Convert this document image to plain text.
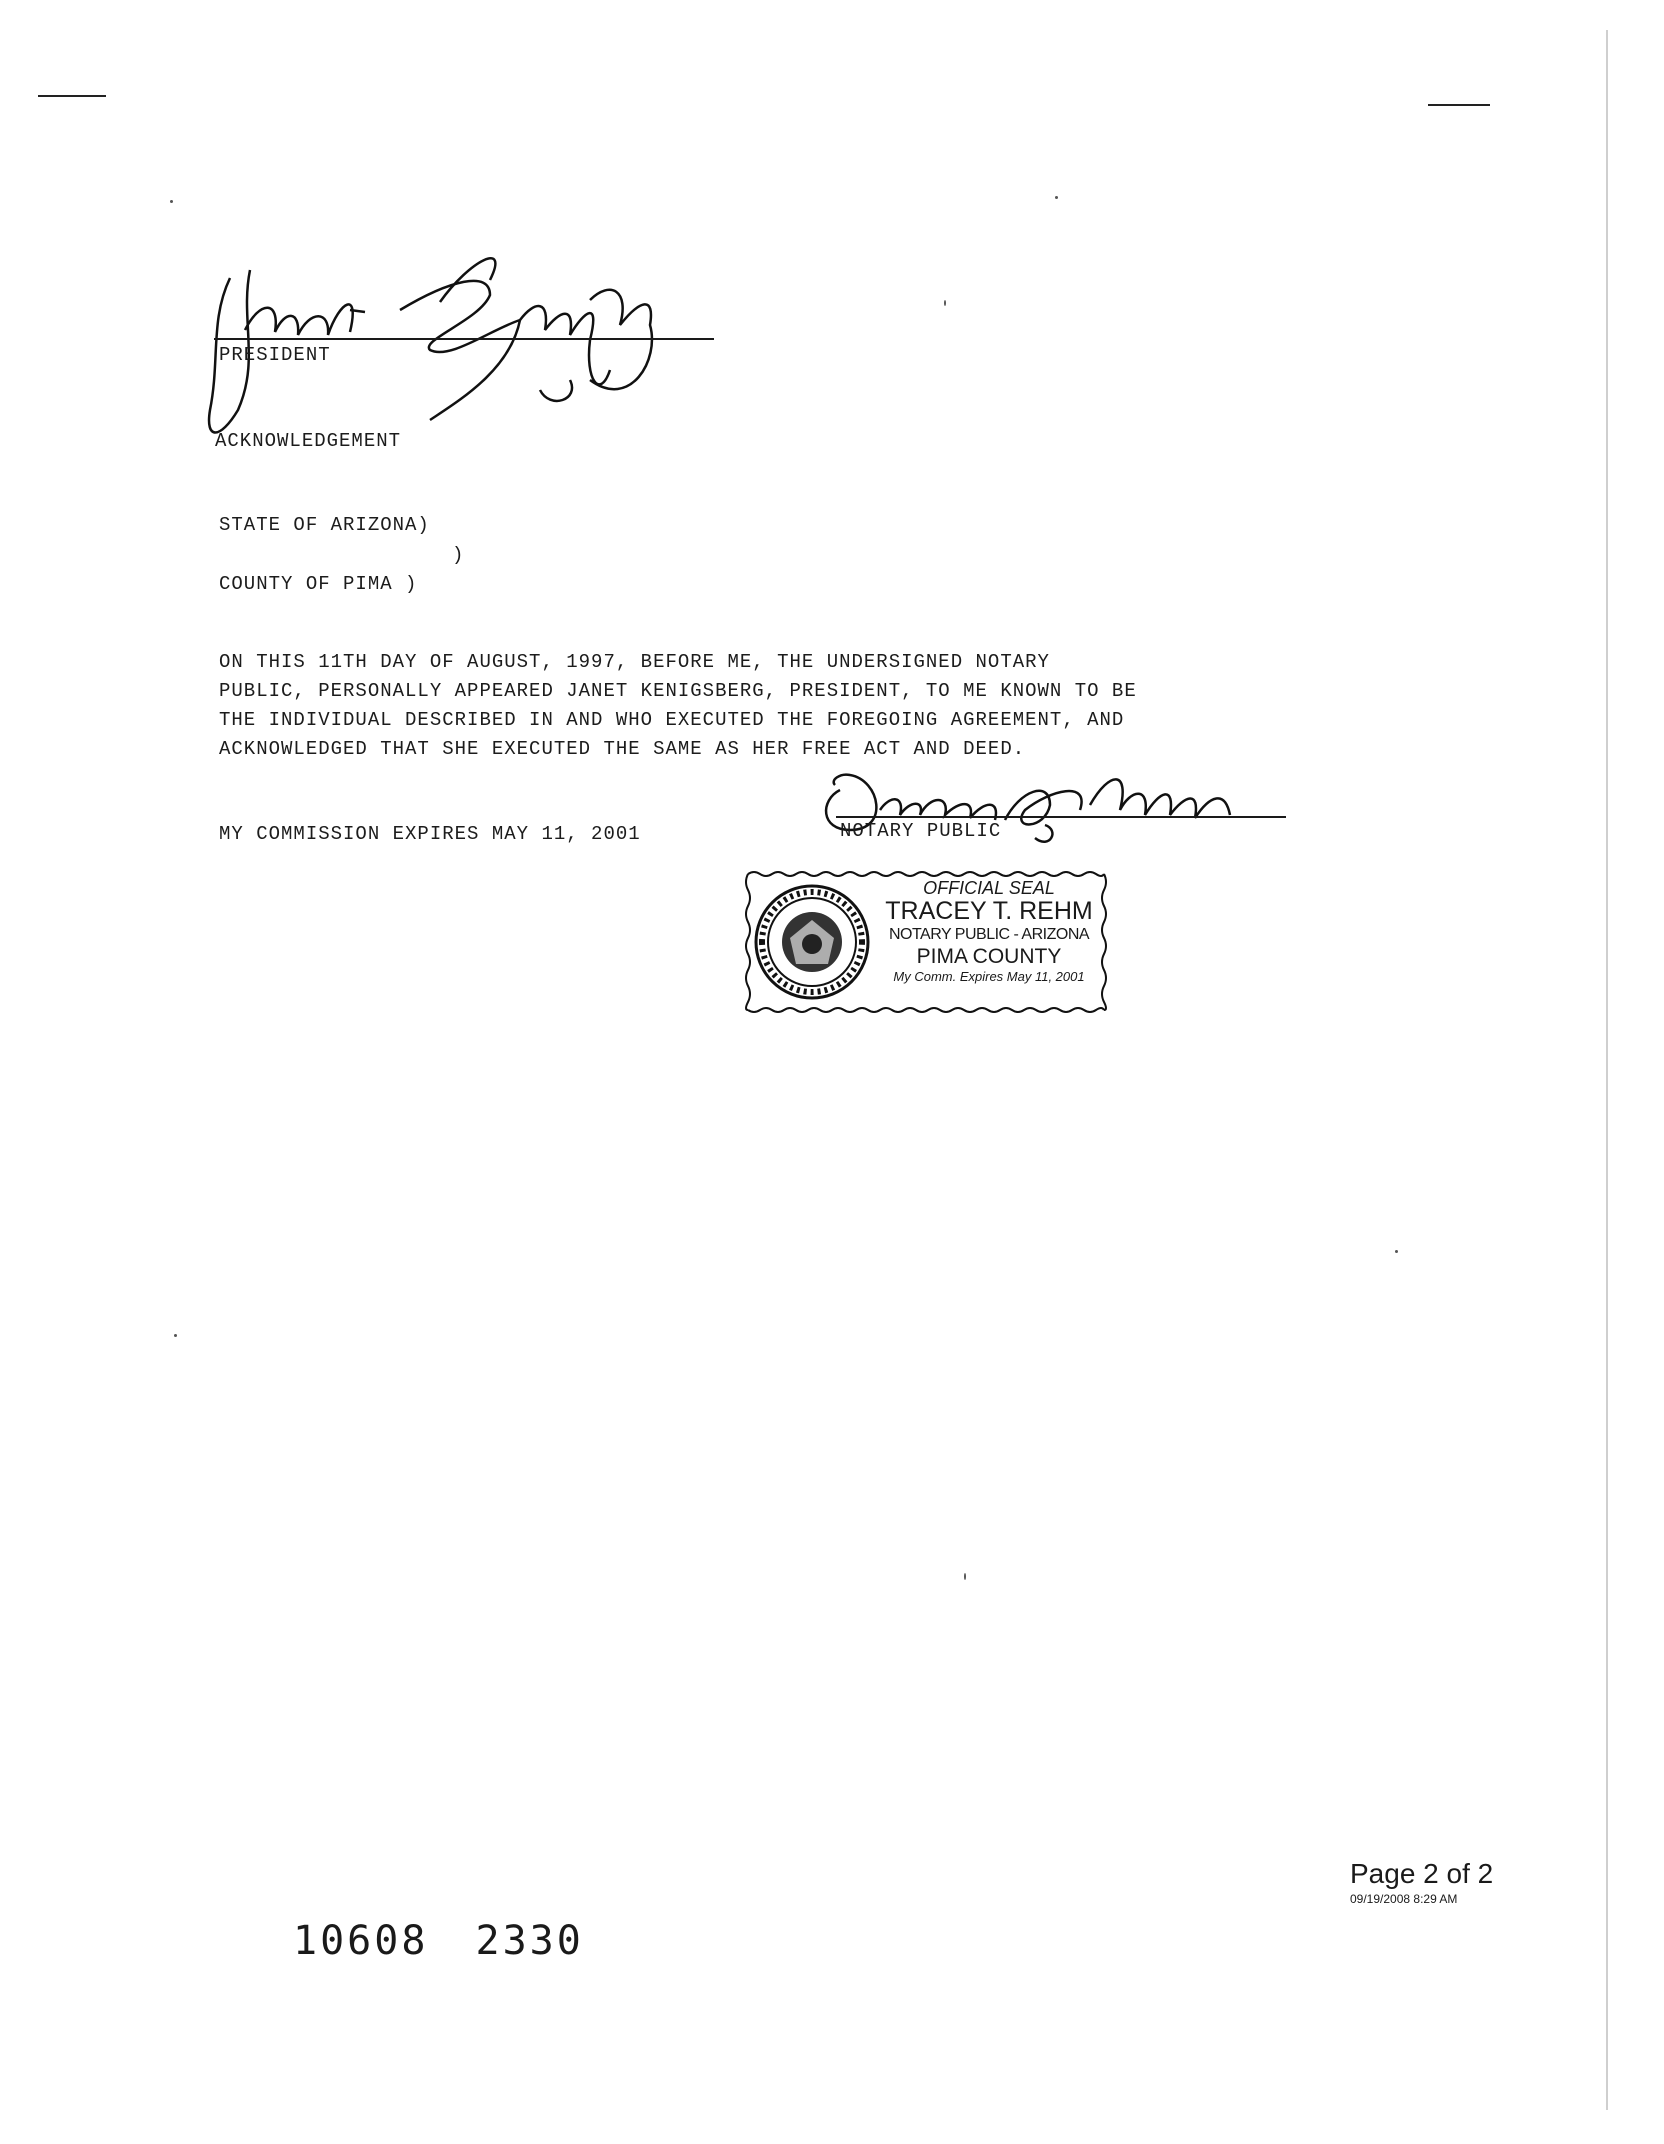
PRESIDENT
ACKNOWLEDGEMENT
STATE OF ARIZONA)
)
COUNTY OF PIMA )
ON THIS 11TH DAY OF AUGUST, 1997, BEFORE ME, THE UNDERSIGNED NOTARY
PUBLIC, PERSONALLY APPEARED JANET KENIGSBERG, PRESIDENT, TO ME KNOWN TO BE
THE INDIVIDUAL DESCRIBED IN AND WHO EXECUTED THE FOREGOING AGREEMENT, AND
ACKNOWLEDGED THAT SHE EXECUTED THE SAME AS HER FREE ACT AND DEED.
MY COMMISSION EXPIRES MAY 11, 2001	NOTARY PUBLIC
OFFICIAL SEAL
TRACEY T. REHM
NOTARY PUBLIC - ARIZONA
PIMA COUNTY
My Comm. Expires May 11, 2001
Page 2 of 2
09/19/2008 8:29 AM
10608 2330
